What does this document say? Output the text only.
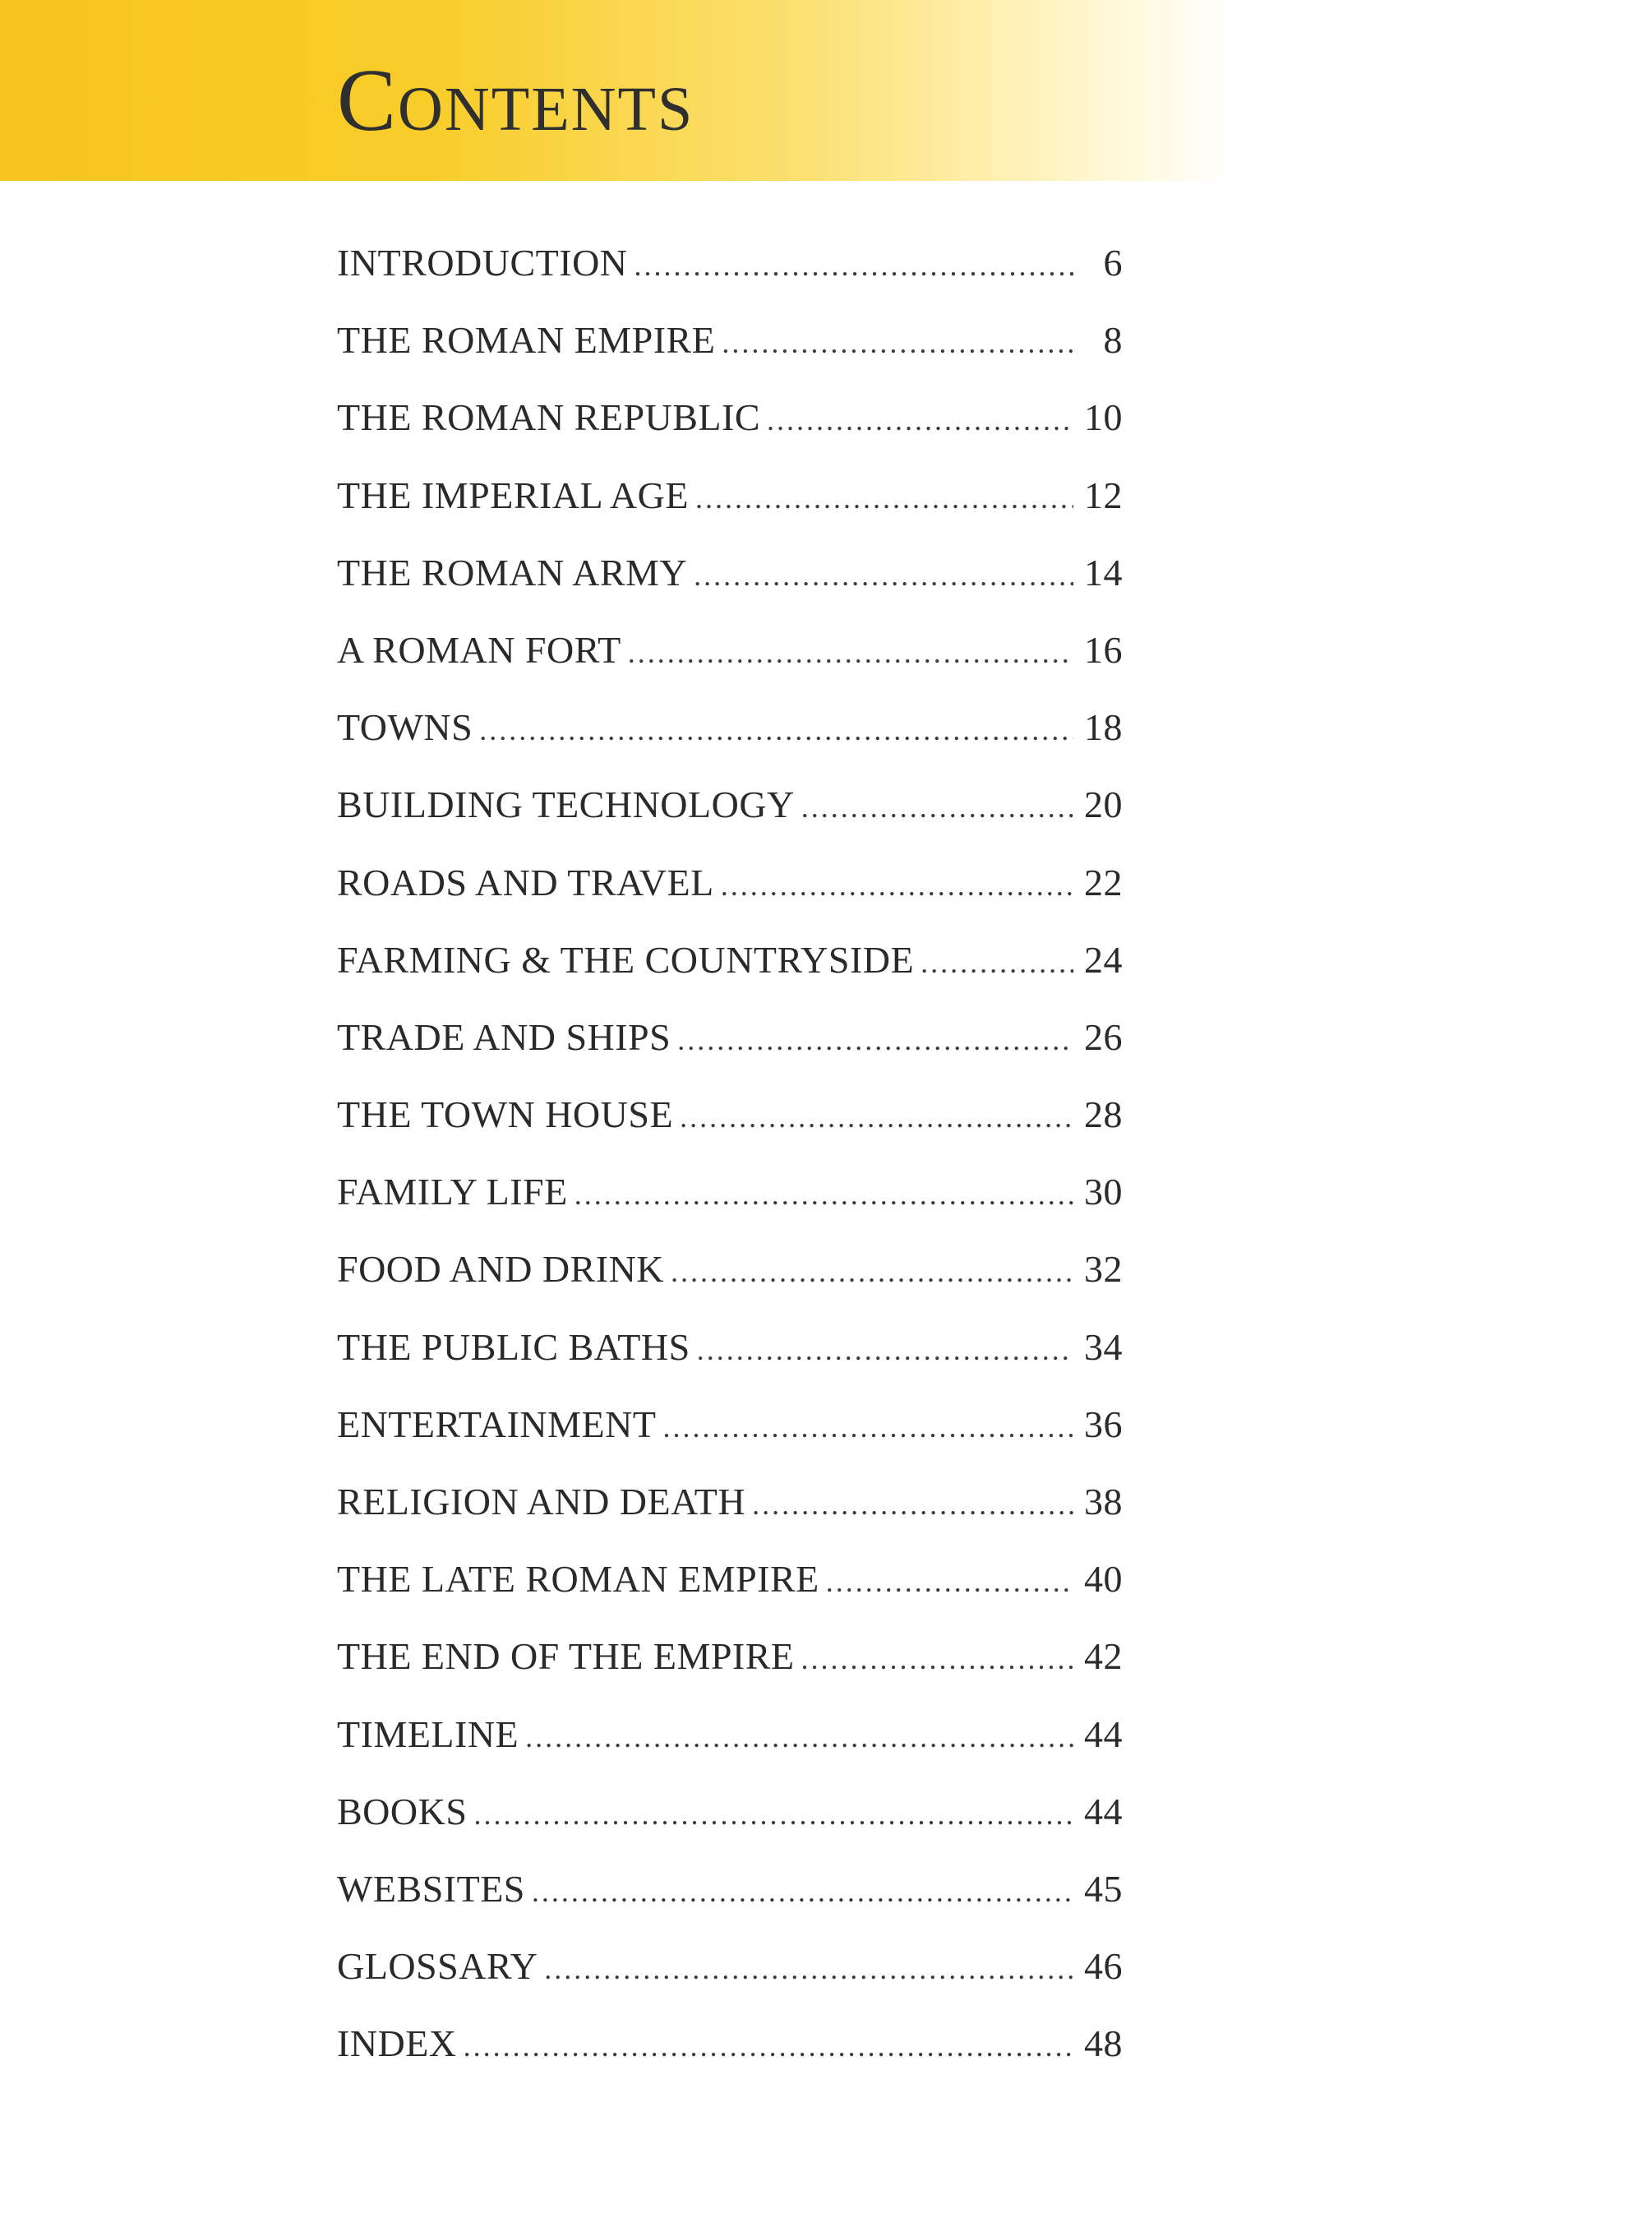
Contents
INTRODUCTION .....	6
THE ROMAN EMPIRE .....	8
THE ROMAN REPUBLIC .....	10
THE IMPERIAL AGE .....	12
THE ROMAN ARMY .....	14
A ROMAN FORT .....	16
TOWNS .....	18
BUILDING TECHNOLOGY .....	20
ROADS AND TRAVEL .....	22
FARMING & THE COUNTRYSIDE .....	24
TRADE AND SHIPS .....	26
THE TOWN HOUSE .....	28
FAMILY LIFE .....	30
FOOD AND DRINK .....	32
THE PUBLIC BATHS .....	34
ENTERTAINMENT .....	36
RELIGION AND DEATH .....	38
THE LATE ROMAN EMPIRE .....	40
THE END OF THE EMPIRE .....	42
TIMELINE .....	44
BOOKS .....	44
WEBSITES .....	45
GLOSSARY .....	46
INDEX .....	48
